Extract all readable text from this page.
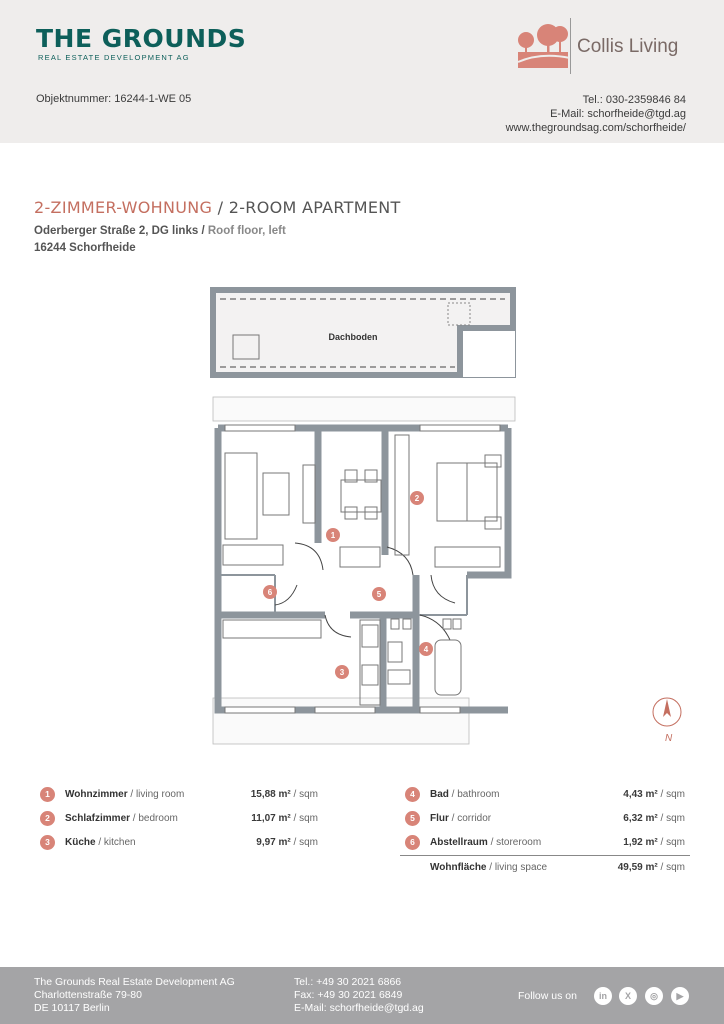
THE GROUNDS
REAL ESTATE DEVELOPMENT AG
Collis Living
Objektnummer: 16244-1-WE 05	Tel.: 030-2359846 84
E-Mail: schorfheide@tgd.ag
www.thegroundsag.com/schorfheide/
2-ZIMMER-WOHNUNG / 2-ROOM APARTMENT
Oderberger Straße 2, DG links / Roof floor, left
16244 Schorfheide
Dachboden
1
2
3
4
5
6
N
1	Wohnzimmer / living room	15,88 m² / sqm
2	Schlafzimmer / bedroom	11,07 m² / sqm
3	Küche / kitchen	9,97 m² / sqm
4	Bad / bathroom	4,43 m² / sqm
5	Flur / corridor	6,32 m² / sqm
6	Abstellraum / storeroom	1,92 m² / sqm
Wohnfläche / living space	49,59 m² / sqm
The Grounds Real Estate Development AG
Charlottenstraße 79-80
DE 10117 Berlin
Tel.: +49 30 2021 6866
Fax: +49 30 2021 6849
E-Mail: schorfheide@tgd.ag
Follow us on	in	X	◎	▶
